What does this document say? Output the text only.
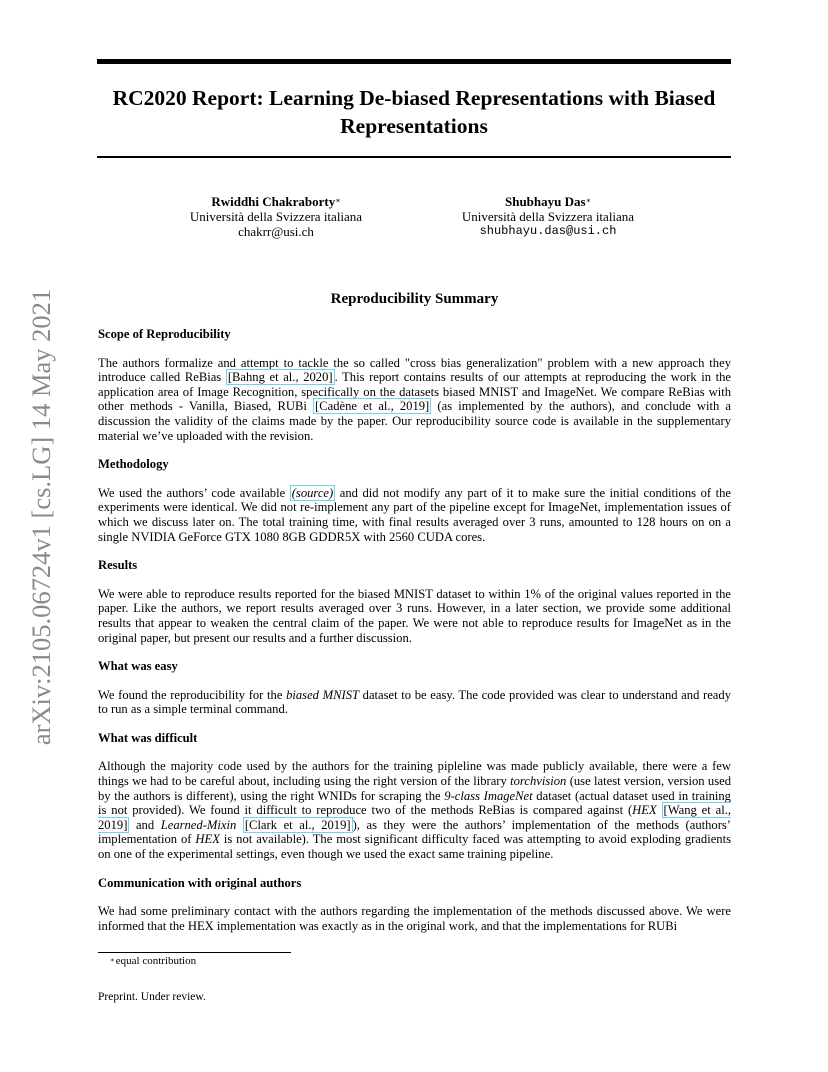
RC2020 Report: Learning De-biased Representations with Biased Representations
Rwiddhi Chakraborty∗
Università della Svizzera italiana
chakrr@usi.ch
Shubhayu Das∗
Università della Svizzera italiana
shubhayu.das@usi.ch
arXiv:2105.06724v1 [cs.LG] 14 May 2021	Reproducibility Summary
Scope of Reproducibility
The authors formalize and attempt to tackle the so called "cross bias generalization" problem with a new approach they introduce called ReBias [Bahng et al., 2020] . This report contains results of our attempts at reproducing the work in the application area of Image Recognition, specifically on the datasets biased MNIST and ImageNet. We compare ReBias with other methods - Vanilla, Biased, RUBi [Cadène et al., 2019] (as implemented by the authors), and conclude with a discussion the validity of the claims made by the paper. Our reproducibility source code is available in the supplementary material we’ve uploaded with the revision.
Methodology
We used the authors’ code available (source) and did not modify any part of it to make sure the initial conditions of the experiments were identical. We did not re-implement any part of the pipeline except for ImageNet, implementation issues of which we discuss later on. The total training time, with final results averaged over 3 runs, amounted to 128 hours on on a single NVIDIA GeForce GTX 1080 8GB GDDR5X with 2560 CUDA cores.
Results
We were able to reproduce results reported for the biased MNIST dataset to within 1% of the original values reported in the paper. Like the authors, we report results averaged over 3 runs. However, in a later section, we provide some additional results that appear to weaken the central claim of the paper. We were not able to reproduce results for ImageNet as in the original paper, but present our results and a further discussion.
What was easy
We found the reproducibility for the biased MNIST dataset to be easy. The code provided was clear to understand and ready to run as a simple terminal command.
What was difficult
Although the majority code used by the authors for the training pipleline was made publicly available, there were a few things we had to be careful about, including using the right version of the library torchvision (use latest version, version used by the authors is different), using the right WNIDs for scraping the 9-class ImageNet dataset (actual dataset used in training is not provided). We found it difficult to reproduce two of the methods ReBias is compared against (HEX [Wang et al., 2019] and Learned-Mixin [Clark et al., 2019] ), as they were the authors’ implementation of the methods (authors’ implementation of HEX is not available). The most significant difficulty faced was attempting to avoid exploding gradients on one of the experimental settings, even though we used the exact same training pipeline.
Communication with original authors
We had some preliminary contact with the authors regarding the implementation of the methods discussed above. We were informed that the HEX implementation was exactly as in the original work, and that the implementations for RUBi
∗equal contribution
Preprint. Under review.
